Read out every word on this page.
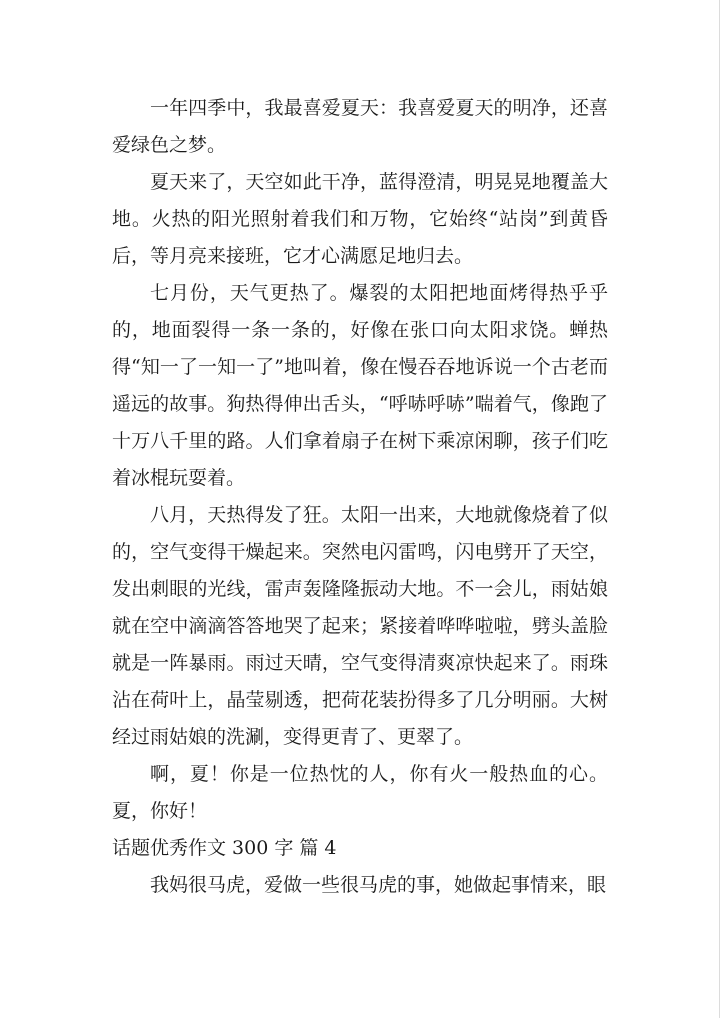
一年四季中，我最喜爱夏天：我喜爱夏天的明净，还喜爱绿色之梦。

夏天来了，天空如此干净，蓝得澄清，明晃晃地覆盖大地。火热的阳光照射着我们和万物，它始终“站岗”到黄昏后，等月亮来接班，它才心满愿足地归去。

七月份，天气更热了。爆裂的太阳把地面烤得热乎乎的，地面裂得一条一条的，好像在张口向太阳求饶。蝉热得“知一了一知一了”地叫着，像在慢吞吞地诉说一个古老而遥远的故事。狗热得伸出舌头，“呼哧呼哧”喘着气，像跑了十万八千里的路。人们拿着扇子在树下乘凉闲聊，孩子们吃着冰棍玩耍着。

八月，天热得发了狂。太阳一出来，大地就像烧着了似的，空气变得干燥起来。突然电闪雷鸣，闪电劈开了天空，发出刺眼的光线，雷声轰隆隆振动大地。不一会儿，雨姑娘就在空中滴滴答答地哭了起来；紧接着哗哗啦啦，劈头盖脸就是一阵暴雨。雨过天晴，空气变得清爽凉快起来了。雨珠沾在荷叶上，晶莹剔透，把荷花装扮得多了几分明丽。大树经过雨姑娘的洗涮，变得更青了、更翠了。

啊，夏！你是一位热忱的人，你有火一般热血的心。夏，你好！

话题优秀作文 300 字 篇 4

我妈很马虎，爱做一些很马虎的事，她做起事情来，眼
